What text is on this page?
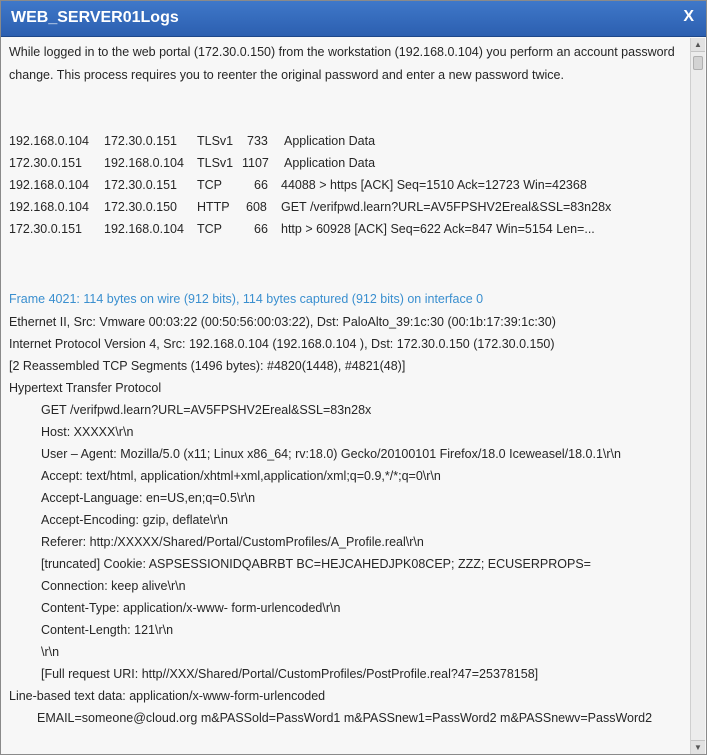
WEB_SERVER01Logs	X
While logged in to the web portal (172.30.0.150) from the workstation (192.168.0.104) you perform an account password change. This process requires you to reenter the original password and enter a new password twice.
192.168.0.104 172.30.0.151 TLSv1 733 Application Data
172.30.0.151 192.168.0.104 TLSv1 1107 Application Data
192.168.0.104 172.30.0.151 TCP	66 44088 > https [ACK] Seq=1510 Ack=12723 Win=42368
192.168.0.104 172.30.0.150 HTTP 608 GET /verifpwd.learn?URL=AV5FPSHV2Ereal&SSL=83n28x
172.30.0.151 192.168.0.104 TCP	66 http > 60928 [ACK] Seq=622 Ack=847 Win=5154 Len=...
Frame 4021: 114 bytes on wire (912 bits), 114 bytes captured (912 bits) on interface 0
Ethernet II, Src: Vmware 00:03:22 (00:50:56:00:03:22), Dst: PaloAlto_39:1c:30 (00:1b:17:39:1c:30)
Internet Protocol Version 4, Src: 192.168.0.104 (192.168.0.104 ), Dst: 172.30.0.150 (172.30.0.150)
[2 Reassembled TCP Segments (1496 bytes): #4820(1448), #4821(48)]
Hypertext Transfer Protocol
GET /verifpwd.learn?URL=AV5FPSHV2Ereal&SSL=83n28x
Host: XXXXX\r\n
User – Agent: Mozilla/5.0 (x11; Linux x86_64; rv:18.0) Gecko/20100101 Firefox/18.0 Iceweasel/18.0.1\r\n
Accept: text/html, application/xhtml+xml,application/xml;q=0.9,*/*;q=0\r\n
Accept-Language: en=US,en;q=0.5\r\n
Accept-Encoding: gzip, deflate\r\n
Referer: http:/XXXXX/Shared/Portal/CustomProfiles/A_Profile.real\r\n
[truncated] Cookie: ASPSESSIONIDQABRBT BC=HEJCAHEDJPK08CEP; ZZZ; ECUSERPROPS=
Connection: keep alive\r\n
Content-Type: application/x-www- form-urlencoded\r\n
Content-Length: 121\r\n
\r\n
[Full request URI: http//XXX/Shared/Portal/CustomProfiles/PostProfile.real?47=25378158]
Line-based text data: application/x-www-form-urlencoded
EMAIL=someone@cloud.org m&PASSold=PassWord1 m&PASSnew1=PassWord2 m&PASSnewv=PassWord2
▲
▼
